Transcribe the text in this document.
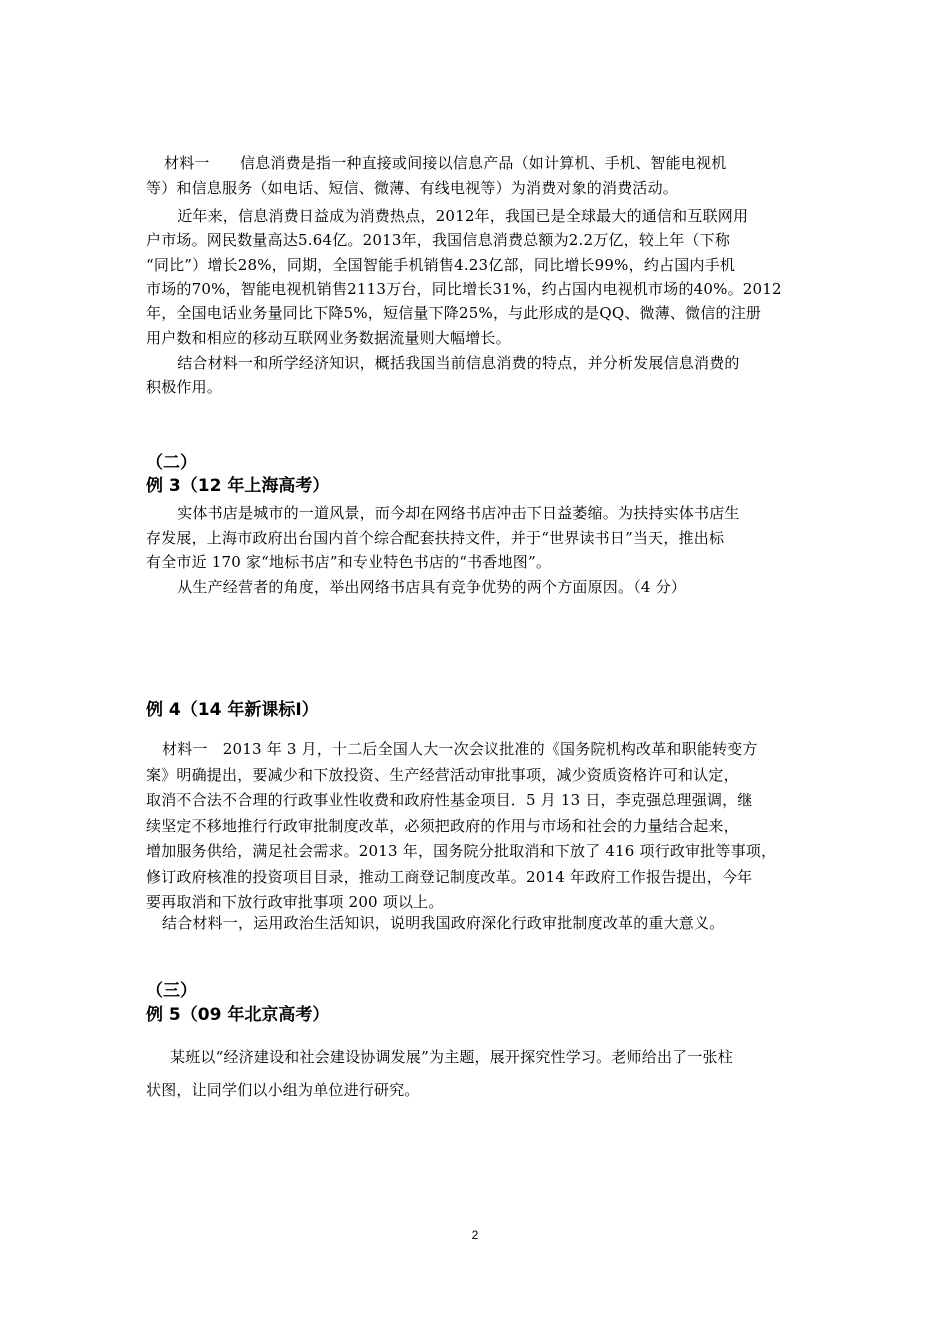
材料一　　信息消费是指一种直接或间接以信息产品（如计算机、手机、智能电视机
等）和信息服务（如电话、短信、微薄、有线电视等）为消费对象的消费活动。
　近年来，信息消费日益成为消费热点，2012年，我国已是全球最大的通信和互联网用
户市场。网民数量高达5.64亿。2013年，我国信息消费总额为2.2万亿，较上年（下称
“同比”）增长28%，同期，全国智能手机销售4.23亿部，同比增长99%，约占国内手机
市场的70%，智能电视机销售2113万台，同比增长31%，约占国内电视机市场的40%。2012
年，全国电话业务量同比下降5%，短信量下降25%，与此形成的是QQ、微薄、微信的注册
用户数和相应的移动互联网业务数据流量则大幅增长。
　结合材料一和所学经济知识，概括我国当前信息消费的特点，并分析发展信息消费的
积极作用。
（二）
例 3（12 年上海高考）
　实体书店是城市的一道风景，而今却在网络书店冲击下日益萎缩。为扶持实体书店生
存发展，上海市政府出台国内首个综合配套扶持文件，并于“世界读书日”当天，推出标
有全市近 170 家“地标书店”和专业特色书店的“书香地图”。
　从生产经营者的角度，举出网络书店具有竞争优势的两个方面原因。（4 分）
例 4（14 年新课标Ⅰ）
材料一　2013 年 3 月，十二后全国人大一次会议批准的《国务院机构改革和职能转变方
案》明确提出，要减少和下放投资、生产经营活动审批事项，减少资质资格许可和认定，
取消不合法不合理的行政事业性收费和政府性基金项目．5 月 13 日，李克强总理强调，继
续坚定不移地推行行政审批制度改革，必须把政府的作用与市场和社会的力量结合起来，
增加服务供给，满足社会需求。2013 年，国务院分批取消和下放了 416 项行政审批等事项，
修订政府核准的投资项目目录，推动工商登记制度改革。2014 年政府工作报告提出，今年
要再取消和下放行政审批事项 200 项以上。
结合材料一，运用政治生活知识，说明我国政府深化行政审批制度改革的重大意义。
（三）
例 5（09 年北京高考）
某班以“经济建设和社会建设协调发展”为主题，展开探究性学习。老师给出了一张柱
状图，让同学们以小组为单位进行研究。
2
